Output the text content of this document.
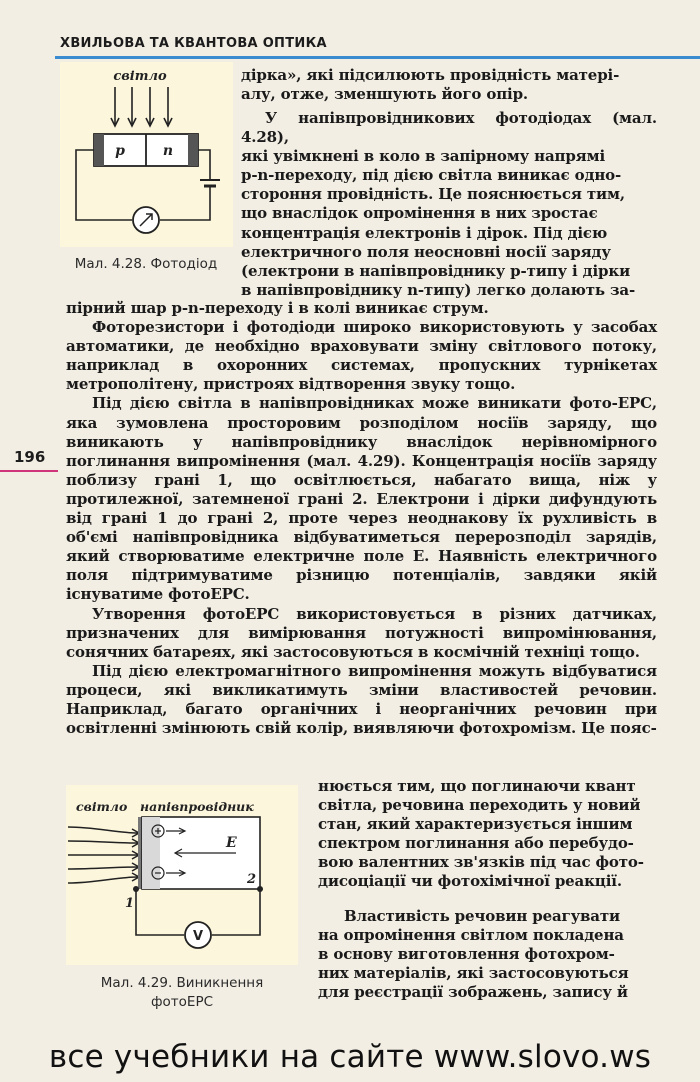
ХВИЛЬОВА ТА КВАНТОВА ОПТИКА
196
світло
p	n
Мал. 4.28. Фотодіод

дірка», які підсилюють провідність матері-

алу, отже, зменшують його опір.

У напівпровідникових фотодіодах (мал. 4.28),

які увімкнені в коло в запірному напрямі

p-n-переходу, під дією світла виникає одно-

стороння провідність. Це пояснюється тим,

що внаслідок опромінення в них зростає

концентрація електронів і дірок. Під дією

електричного поля неосновні носії заряду

(електрони в напівпровіднику p-типу і дірки

в напівпровіднику n-типу) легко долають за-

пірний шар p-n-переходу і в колі виникає струм.

Фоторезистори і фотодіоди широко використовують у засобах автоматики, де необхідно враховувати зміну світлового потоку, наприклад в охоронних системах, пропускних турнікетах метрополітену, пристроях відтворення звуку тощо.

Під дією світла в напівпровідниках може виникати фото-ЕРС, яка зумовлена просторовим розподілом носіїв заряду, що виникають у напівпровіднику внаслідок нерівномірного поглинання випромінення (мал. 4.29). Концентрація носіїв заряду поблизу грані 1, що освітлюється, набагато вища, ніж у протилежної, затемненої грані 2. Електрони і дірки дифундують від грані 1 до грані 2, проте через неоднакову їх рухливість в об'ємі напівпровідника відбуватиметься перерозподіл зарядів, який створюватиме електричне поле E. Наявність електричного поля підтримуватиме різницю потенціалів, завдяки якій існуватиме фотоЕРС.

Утворення фотоЕРС використовується в різних датчиках, призначених для вимірювання потужності випромінювання, сонячних батареях, які застосовуються в космічній техніці тощо.

Під дією електромагнітного випромінення можуть відбуватися процеси, які викликатимуть зміни властивостей речовин. Наприклад, багато органічних і неорганічних речовин при освітленні змінюють свій колір, виявляючи фотохромізм. Це пояс-

світло напівпровідник
E
1
2
V
Мал. 4.29. Виникнення
фотоЕРС

нюється тим, що поглинаючи квант

світла, речовина переходить у новий

стан, який характеризується іншим

спектром поглинання або перебудо-

вою валентних зв'язків під час фото-

дисоціації чи фотохімічної реакції.

Властивість речовин реагувати

на опромінення світлом покладена

в основу виготовлення фотохром-

них матеріалів, які застосовуються

для реєстрації зображень, запису й

все учебники на сайте www.slovo.ws
